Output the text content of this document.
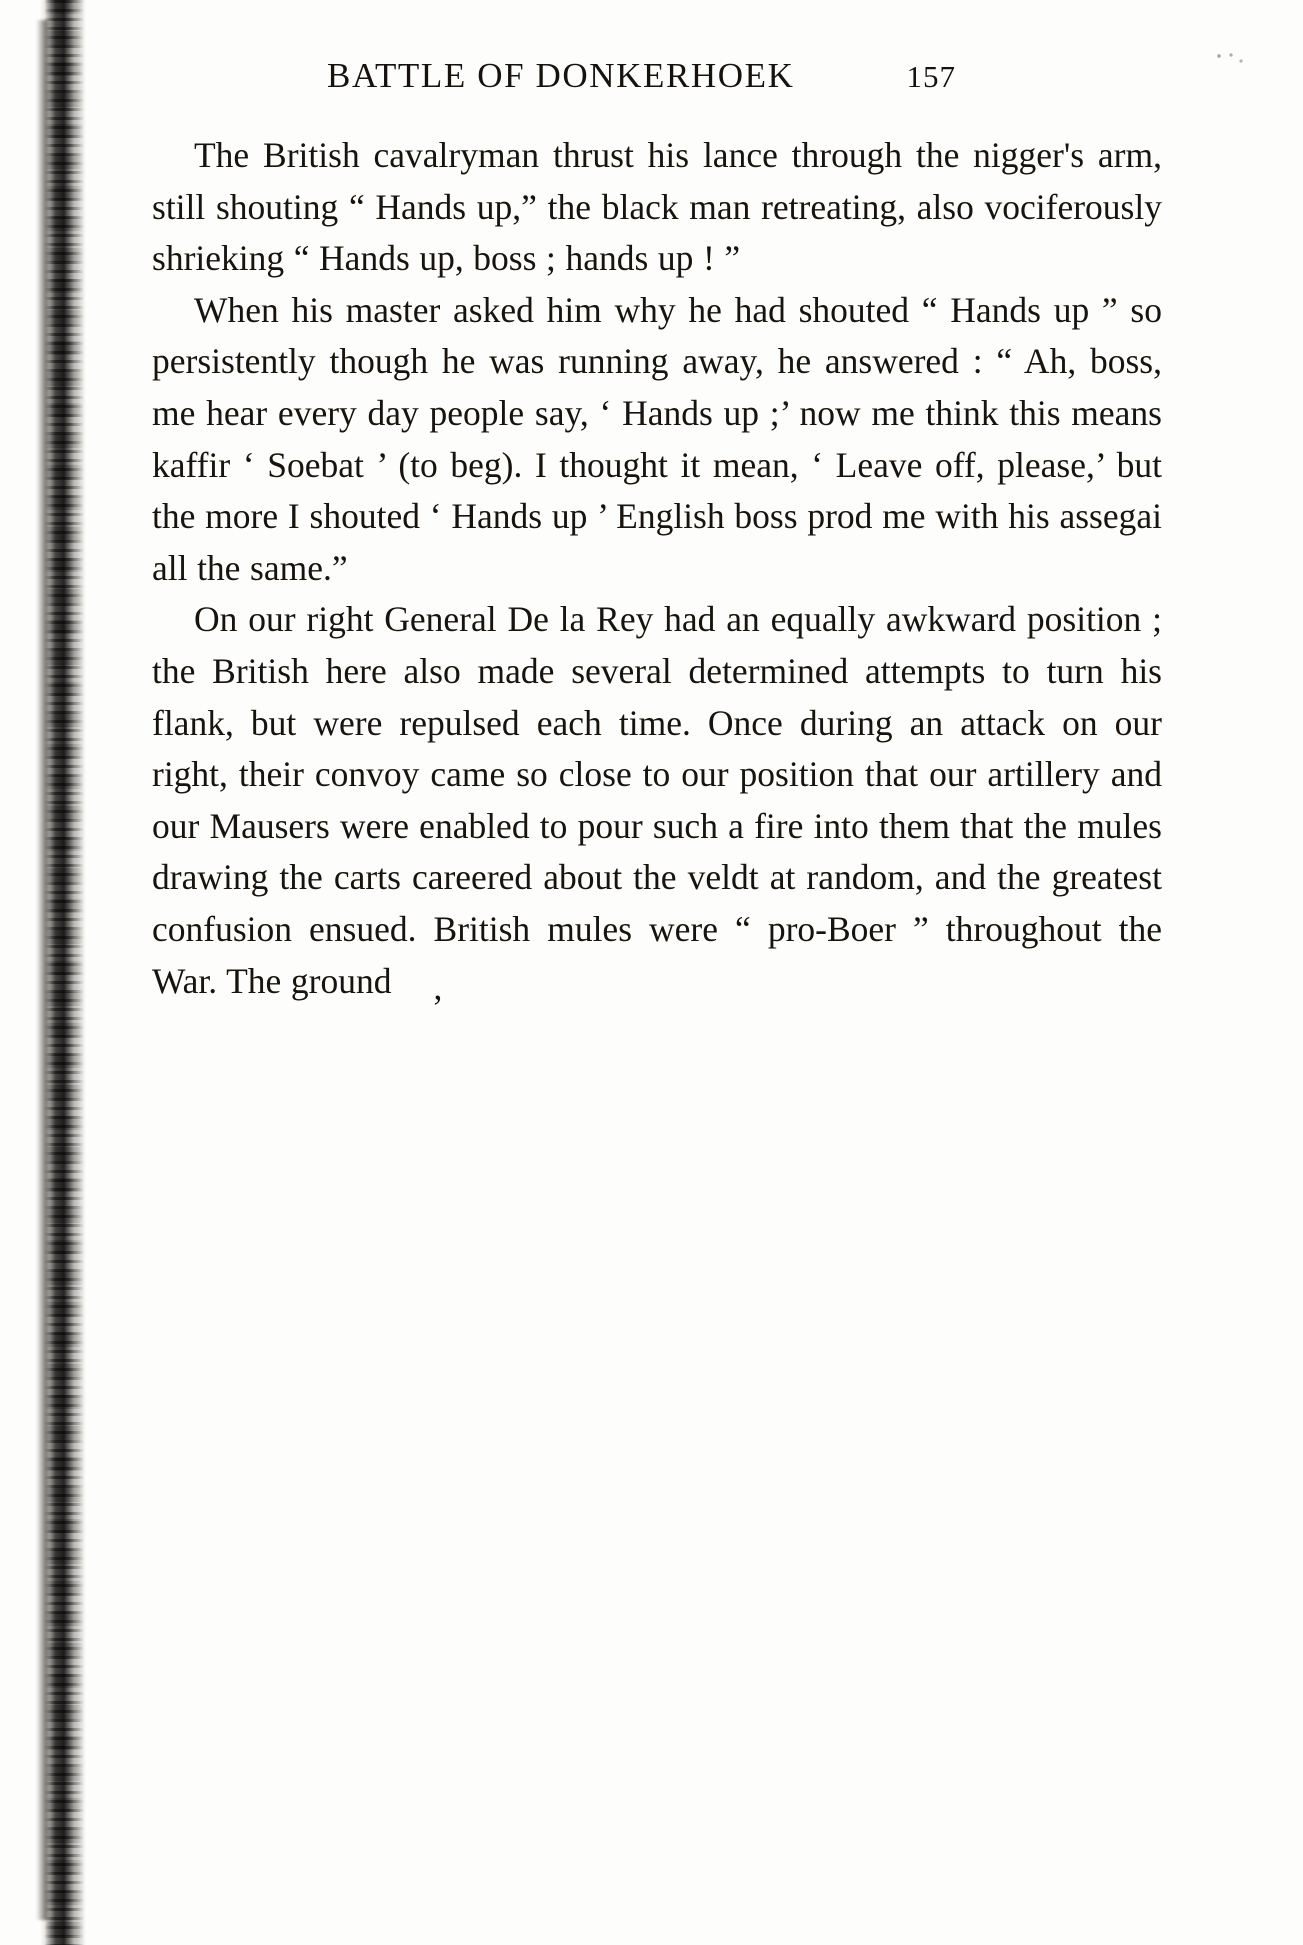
BATTLE OF DONKERHOEK	157

The British cavalryman thrust his lance through the nigger's arm, still shouting “ Hands up,” the black man retreating, also vociferously shrieking “ Hands up, boss ; hands up ! ”

When his master asked him why he had shouted “ Hands up ” so persistently though he was running away, he answered : “ Ah, boss, me hear every day people say, ‘ Hands up ;’ now me think this means kaffir ‘ Soebat ’ (to beg). I thought it mean, ‘ Leave off, please,’ but the more I shouted ‘ Hands up ’ English boss prod me with his assegai all the same.”

On our right General De la Rey had an equally awkward position ; the British here also made several determined attempts to turn his flank, but were repulsed each time. Once during an attack on our right, their convoy came so close to our position that our artillery and our Mausers were enabled to pour such a fire into them that the mules drawing the carts careered about the veldt at random, and the greatest confusion ensued. British mules were “ pro-Boer ” throughout the War. The ground ,
